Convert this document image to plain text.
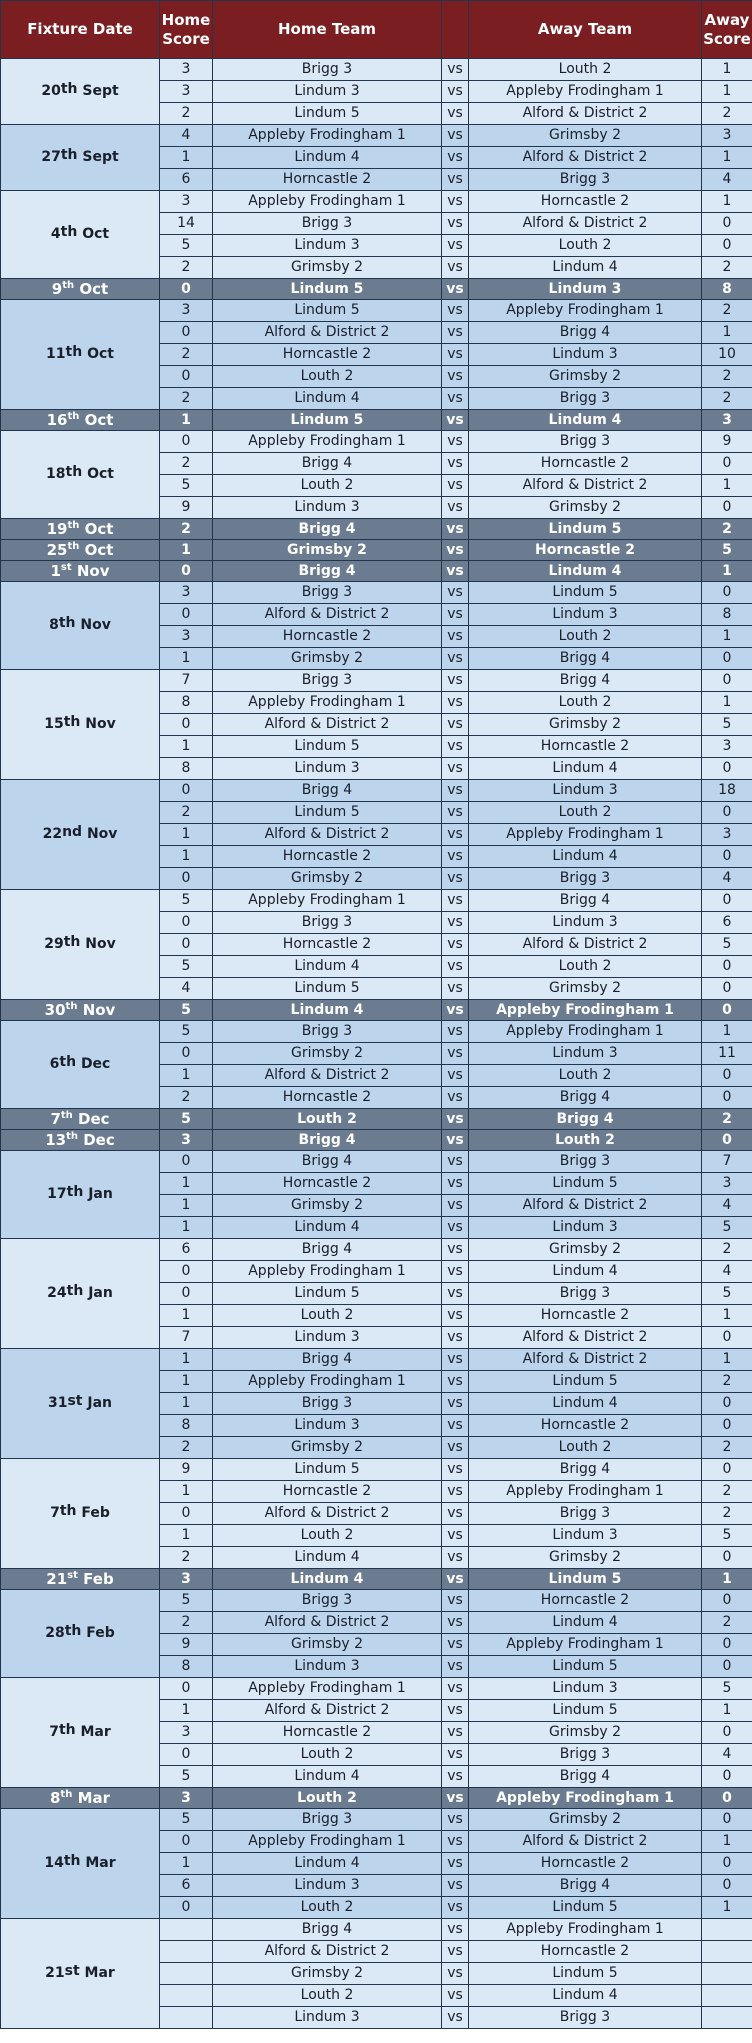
Fixture Date	Home Score	Home Team		Away Team	Away Score
20th Sept	3	Brigg 3	vs	Louth 2	1
	3	Lindum 3	vs	Appleby Frodingham 1	1
	2	Lindum 5	vs	Alford & District 2	2
27th Sept	4	Appleby Frodingham 1	vs	Grimsby 2	3
	1	Lindum 4	vs	Alford & District 2	1
	6	Horncastle 2	vs	Brigg 3	4
4th Oct	3	Appleby Frodingham 1	vs	Horncastle 2	1
	14	Brigg 3	vs	Alford & District 2	0
	5	Lindum 3	vs	Louth 2	0
	2	Grimsby 2	vs	Lindum 4	2
9th Oct	0	Lindum 5	vs	Lindum 3	8
11th Oct	3	Lindum 5	vs	Appleby Frodingham 1	2
	0	Alford & District 2	vs	Brigg 4	1
	2	Horncastle 2	vs	Lindum 3	10
	0	Louth 2	vs	Grimsby 2	2
	2	Lindum 4	vs	Brigg 3	2
16th Oct	1	Lindum 5	vs	Lindum 4	3
18th Oct	0	Appleby Frodingham 1	vs	Brigg 3	9
	2	Brigg 4	vs	Horncastle 2	0
	5	Louth 2	vs	Alford & District 2	1
	9	Lindum 3	vs	Grimsby 2	0
19th Oct	2	Brigg 4	vs	Lindum 5	2
25th Oct	1	Grimsby 2	vs	Horncastle 2	5
1st Nov	0	Brigg 4	vs	Lindum 4	1
8th Nov	3	Brigg 3	vs	Lindum 5	0
	0	Alford & District 2	vs	Lindum 3	8
	3	Horncastle 2	vs	Louth 2	1
	1	Grimsby 2	vs	Brigg 4	0
15th Nov	7	Brigg 3	vs	Brigg 4	0
	8	Appleby Frodingham 1	vs	Louth 2	1
	0	Alford & District 2	vs	Grimsby 2	5
	1	Lindum 5	vs	Horncastle 2	3
	8	Lindum 3	vs	Lindum 4	0
22nd Nov	0	Brigg 4	vs	Lindum 3	18
	2	Lindum 5	vs	Louth 2	0
	1	Alford & District 2	vs	Appleby Frodingham 1	3
	1	Horncastle 2	vs	Lindum 4	0
	0	Grimsby 2	vs	Brigg 3	4
29th Nov	5	Appleby Frodingham 1	vs	Brigg 4	0
	0	Brigg 3	vs	Lindum 3	6
	0	Horncastle 2	vs	Alford & District 2	5
	5	Lindum 4	vs	Louth 2	0
	4	Lindum 5	vs	Grimsby 2	0
30th Nov	5	Lindum 4	vs	Appleby Frodingham 1	0
6th Dec	5	Brigg 3	vs	Appleby Frodingham 1	1
	0	Grimsby 2	vs	Lindum 3	11
	1	Alford & District 2	vs	Louth 2	0
	2	Horncastle 2	vs	Brigg 4	0
7th Dec	5	Louth 2	vs	Brigg 4	2
13th Dec	3	Brigg 4	vs	Louth 2	0
17th Jan	0	Brigg 4	vs	Brigg 3	7
	1	Horncastle 2	vs	Lindum 5	3
	1	Grimsby 2	vs	Alford & District 2	4
	1	Lindum 4	vs	Lindum 3	5
24th Jan	6	Brigg 4	vs	Grimsby 2	2
	0	Appleby Frodingham 1	vs	Lindum 4	4
	0	Lindum 5	vs	Brigg 3	5
	1	Louth 2	vs	Horncastle 2	1
	7	Lindum 3	vs	Alford & District 2	0
31st Jan	1	Brigg 4	vs	Alford & District 2	1
	1	Appleby Frodingham 1	vs	Lindum 5	2
	1	Brigg 3	vs	Lindum 4	0
	8	Lindum 3	vs	Horncastle 2	0
	2	Grimsby 2	vs	Louth 2	2
7th Feb	9	Lindum 5	vs	Brigg 4	0
	1	Horncastle 2	vs	Appleby Frodingham 1	2
	0	Alford & District 2	vs	Brigg 3	2
	1	Louth 2	vs	Lindum 3	5
	2	Lindum 4	vs	Grimsby 2	0
21st Feb	3	Lindum 4	vs	Lindum 5	1
28th Feb	5	Brigg 3	vs	Horncastle 2	0
	2	Alford & District 2	vs	Lindum 4	2
	9	Grimsby 2	vs	Appleby Frodingham 1	0
	8	Lindum 3	vs	Lindum 5	0
7th Mar	0	Appleby Frodingham 1	vs	Lindum 3	5
	1	Alford & District 2	vs	Lindum 5	1
	3	Horncastle 2	vs	Grimsby 2	0
	0	Louth 2	vs	Brigg 3	4
	5	Lindum 4	vs	Brigg 4	0
8th Mar	3	Louth 2	vs	Appleby Frodingham 1	0
14th Mar	5	Brigg 3	vs	Grimsby 2	0
	0	Appleby Frodingham 1	vs	Alford & District 2	1
	1	Lindum 4	vs	Horncastle 2	0
	6	Lindum 3	vs	Brigg 4	0
	0	Louth 2	vs	Lindum 5	1
21st Mar		Brigg 4	vs	Appleby Frodingham 1	
		Alford & District 2	vs	Horncastle 2	
		Grimsby 2	vs	Lindum 5	
		Louth 2	vs	Lindum 4	
		Lindum 3	vs	Brigg 3	
